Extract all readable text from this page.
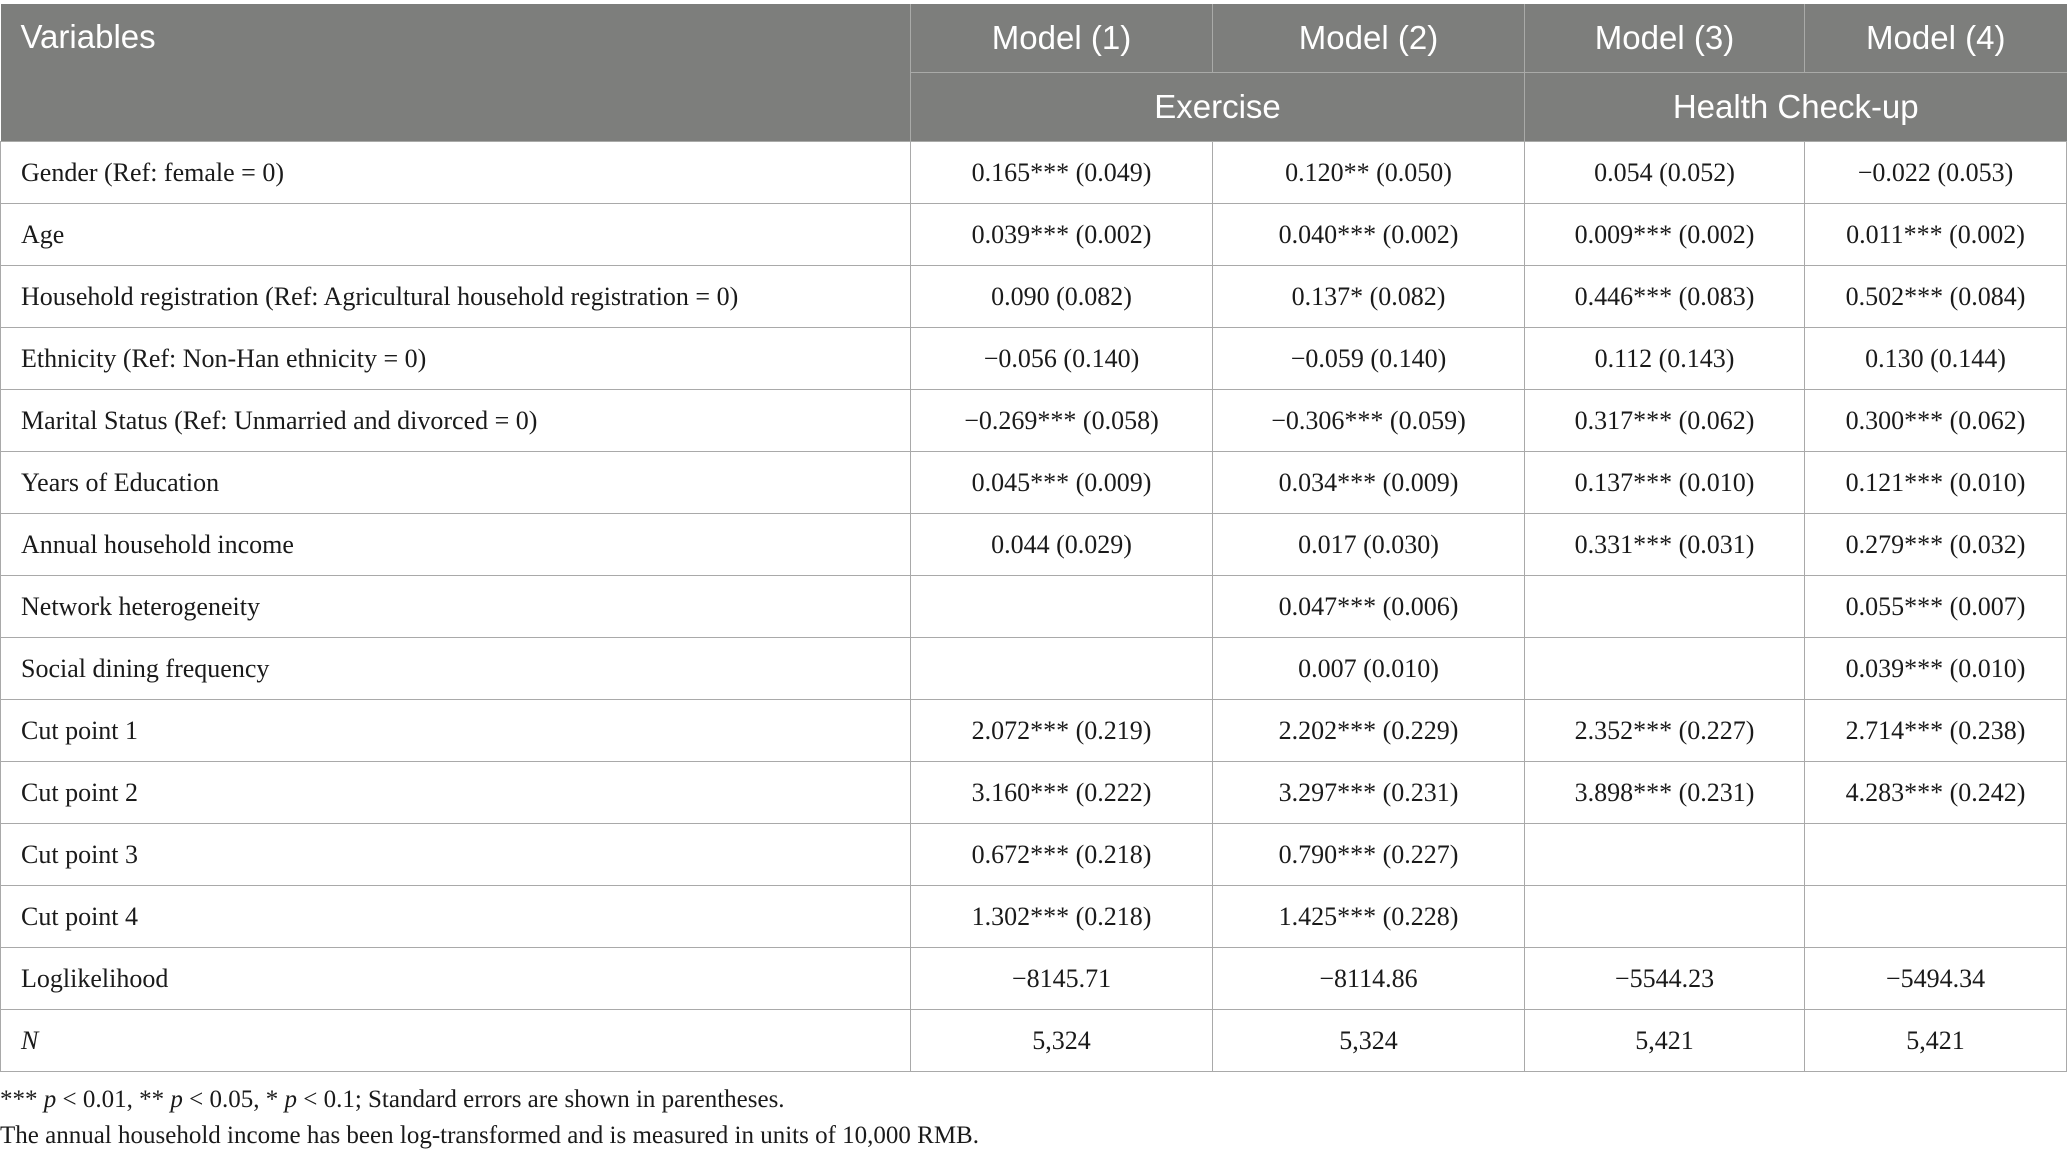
Variables	Model (1)	Model (2)	Model (3)	Model (4)
	Exercise		Health Check-up	
Gender (Ref: female = 0)	0.165*** (0.049)	0.120** (0.050)	0.054 (0.052)	−0.022 (0.053)
Age	0.039*** (0.002)	0.040*** (0.002)	0.009*** (0.002)	0.011*** (0.002)
Household registration (Ref: Agricultural household registration = 0)	0.090 (0.082)	0.137* (0.082)	0.446*** (0.083)	0.502*** (0.084)
Ethnicity (Ref: Non-Han ethnicity = 0)	−0.056 (0.140)	−0.059 (0.140)	0.112 (0.143)	0.130 (0.144)
Marital Status (Ref: Unmarried and divorced = 0)	−0.269*** (0.058)	−0.306*** (0.059)	0.317*** (0.062)	0.300*** (0.062)
Years of Education	0.045*** (0.009)	0.034*** (0.009)	0.137*** (0.010)	0.121*** (0.010)
Annual household income	0.044 (0.029)	0.017 (0.030)	0.331*** (0.031)	0.279*** (0.032)
Network heterogeneity		0.047*** (0.006)		0.055*** (0.007)
Social dining frequency		0.007 (0.010)		0.039*** (0.010)
Cut point 1	2.072*** (0.219)	2.202*** (0.229)	2.352*** (0.227)	2.714*** (0.238)
Cut point 2	3.160*** (0.222)	3.297*** (0.231)	3.898*** (0.231)	4.283*** (0.242)
Cut point 3	0.672*** (0.218)	0.790*** (0.227)		
Cut point 4	1.302*** (0.218)	1.425*** (0.228)		
Loglikelihood	−8145.71	−8114.86	−5544.23	−5494.34
N	5,324	5,324	5,421	5,421
*** p < 0.01, ** p < 0.05, * p < 0.1; Standard errors are shown in parentheses.
The annual household income has been log-transformed and is measured in units of 10,000 RMB.
